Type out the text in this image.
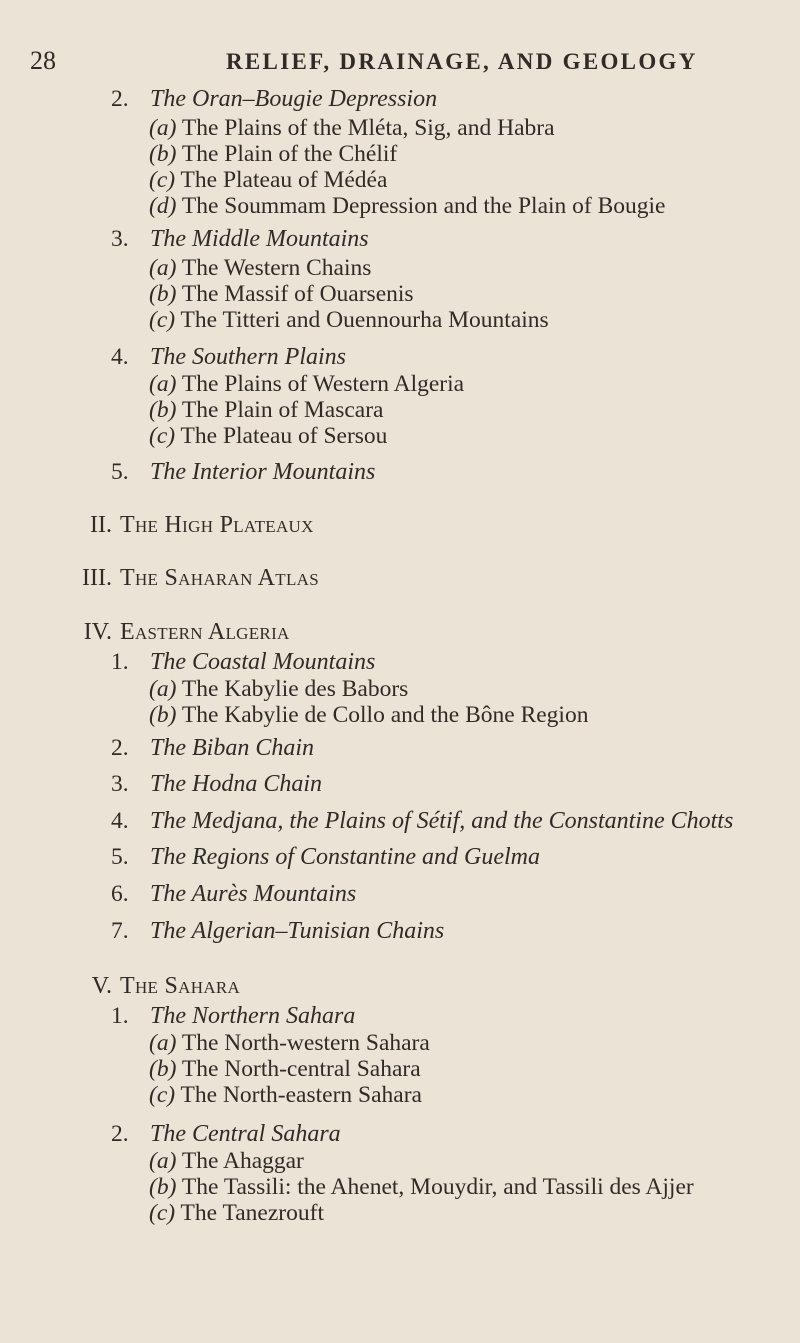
28	RELIEF, DRAINAGE, AND GEOLOGY
2. The Oran–Bougie Depression
(a) The Plains of the Mléta, Sig, and Habra
(b) The Plain of the Chélif
(c) The Plateau of Médéa
(d) The Soummam Depression and the Plain of Bougie
3. The Middle Mountains
(a) The Western Chains
(b) The Massif of Ouarsenis
(c) The Titteri and Ouennourha Mountains
4. The Southern Plains
(a) The Plains of Western Algeria
(b) The Plain of Mascara
(c) The Plateau of Sersou
5. The Interior Mountains
II. The High Plateaux
III. The Saharan Atlas
IV. Eastern Algeria
1. The Coastal Mountains
(a) The Kabylie des Babors
(b) The Kabylie de Collo and the Bône Region
2. The Biban Chain
3. The Hodna Chain
4. The Medjana, the Plains of Sétif, and the Constantine Chotts
5. The Regions of Constantine and Guelma
6. The Aurès Mountains
7. The Algerian–Tunisian Chains
V. The Sahara
1. The Northern Sahara
(a) The North-western Sahara
(b) The North-central Sahara
(c) The North-eastern Sahara
2. The Central Sahara
(a) The Ahaggar
(b) The Tassili: the Ahenet, Mouydir, and Tassili des Ajjer
(c) The Tanezrouft
